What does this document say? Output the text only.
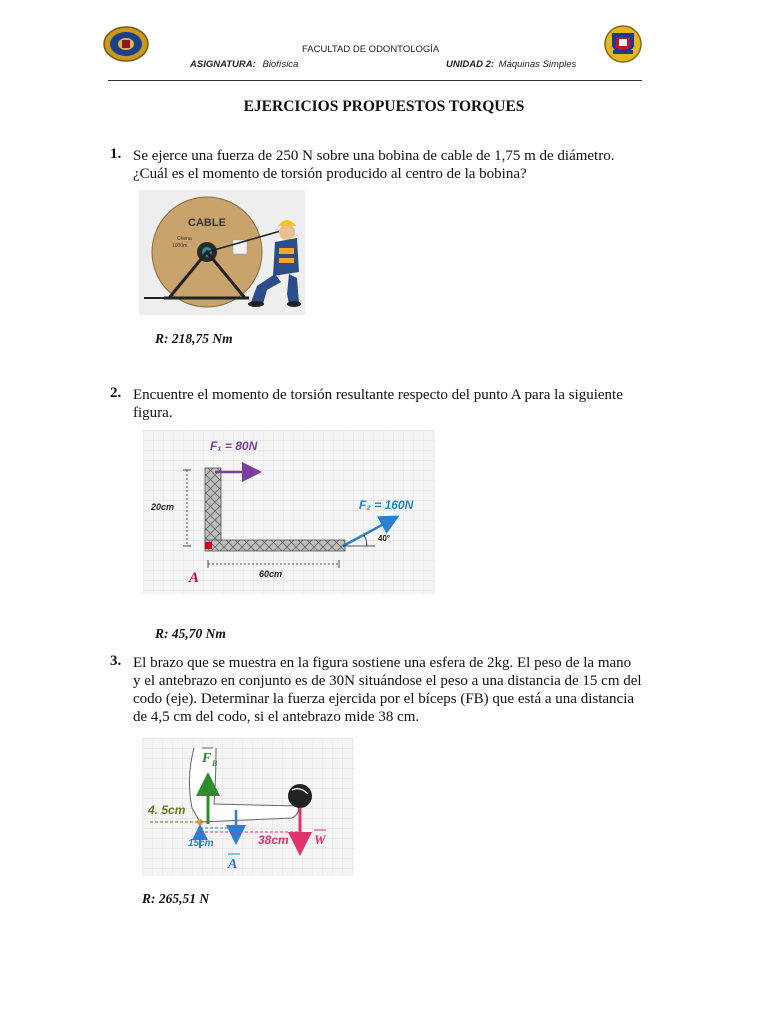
FACULTAD DE ODONTOLOGÍA
ASIGNATURA: Biofísica	UNIDAD 2: Máquinas Simples
EJERCICIOS PROPUESTOS TORQUES
1. Se ejerce una fuerza de 250 N sobre una bobina de cable de 1,75 m de diámetro.
¿Cuál es el momento de torsión producido al centro de la bobina?
CABLE
Chena
1000m
R: 218,75 Nm
2. Encuentre el momento de torsión resultante respecto del punto A para la siguiente
figura.
F₁ = 80N
F₂ = 160N
20cm
60cm
40°
A
R: 45,70 Nm
3. El brazo que se muestra en la figura sostiene una esfera de 2kg. El peso de la mano
y el antebrazo en conjunto es de 30N situándose el peso a una distancia de 15 cm del
codo (eje). Determinar la fuerza ejercida por el bíceps (FB) que está a una distancia
de 4,5 cm del codo, si el antebrazo mide 38 cm.
F B
4. 5cm
15cm	38cm W
A
R: 265,51 N
